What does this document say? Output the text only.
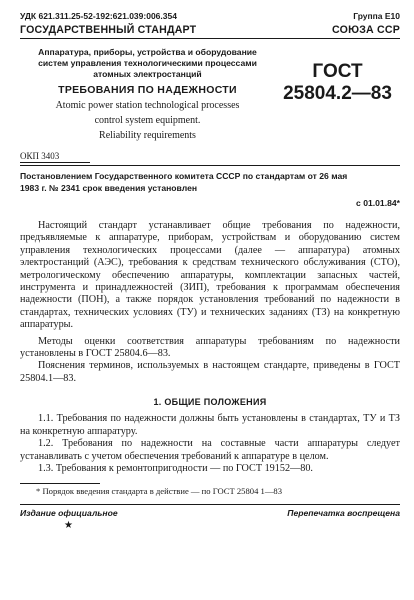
УДК 621.311.25-52-192:621.039:006.354	Группа Е10
ГОСУДАРСТВЕННЫЙ СТАНДАРТ	СОЮЗА ССР
Аппаратура, приборы, устройства и оборудование
систем управления технологическими процессами
атомных электростанций
ТРЕБОВАНИЯ ПО НАДЕЖНОСТИ
Atomic power station technological processes
control system equipment.
Reliability requirements
ГОСТ
25804.2—83
ОКП 3403
Постановлением Государственного комитета СССР по стандартам от 26 мая
1983 г. № 2341 срок введения установлен
с 01.01.84*

Настоящий стандарт устанавливает общие требования по надежности, предъявляемые к аппаратуре, приборам, устройствам и оборудованию систем управления технологических процессами (далее — аппаратура) атомных электростанций (АЭС), требования к средствам технического обслуживания (СТО), метрологическому обеспечению аппаратуры, комплектации запасных частей, инструмента и принадлежностей (ЗИП), требования к программам обеспечения надежности (ПОН), а также порядок установления требований по надежности в стандартах, технических условиях (ТУ) и технических заданиях (ТЗ) на конкретную аппаратуры.

Методы оценки соответствия аппаратуры требованиям по надежности установлены в ГОСТ 25804.6—83.

Пояснения терминов, используемых в настоящем стандарте, приведены в ГОСТ 25804.1—83.

1. ОБЩИЕ ПОЛОЖЕНИЯ

1.1. Требования по надежности должны быть установлены в стандартах, ТУ и ТЗ на конкретную аппаратуру.

1.2. Требования по надежности на составные части аппаратуры следует устанавливать с учетом обеспечения требований к аппаратуре в целом.

1.3. Требования к ремонтопригодности — по ГОСТ 19152—80.

* Порядок введения стандарта в действие — по ГОСТ 25804 1—83
Издание официальное	Перепечатка воспрещена
★
